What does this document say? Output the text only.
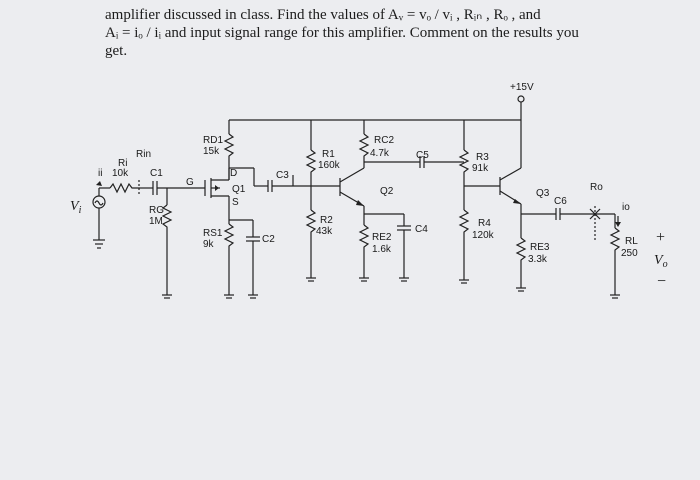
amplifier discussed in class. Find the values of Aᵥ = vₒ / vᵢ , Rᵢₙ , Rₒ , and
Aᵢ = iₒ / iᵢ and input signal range for this amplifier. Comment on the results you
get.
+15V
$V_i$
Ri
ii 10k
Rin
C1
RG
1M
G
D
S
Q1
RD1
15k
C3
RS1
9k	C2
R1
160k
R2
43k
Q2
RC2
4.7k	C5
RE2
1.6k
C4
R3
91k
R4
120k
Q3
RE3
3.3k
C6
Ro
io
RL
250
+
$V_o$
−
